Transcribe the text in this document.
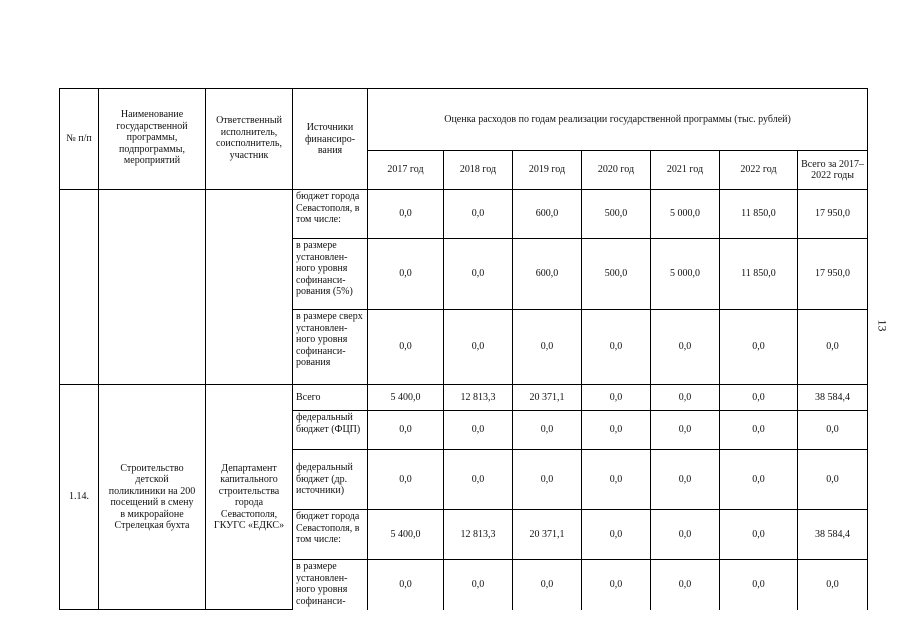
№ п/п	Наименование государственной программы, подпрограммы, мероприятий	Ответственный исполнитель, соисполнитель, участник	Источники финансиро-вания	Оценка расходов по годам реализации государственной программы (тыс. рублей)						
				2017 год	2018 год	2019 год	2020 год	2021 год	2022 год	Всего за 2017–2022 годы
			бюджет города Севастополя, в том числе:	0,0	0,0	600,0	500,0	5 000,0	11 850,0	17 950,0
			в размере установлен-ного уровня софинанси-рования (5%)	0,0	0,0	600,0	500,0	5 000,0	11 850,0	17 950,0
			в размере сверх установлен-ного уровня софинанси-рования	0,0	0,0	0,0	0,0	0,0	0,0	0,0
1.14.	Строительство детской поликлиники на 200 посещений в смену в микрорайоне Стрелецкая бухта	Департамент капитального строительства города Севастополя, ГКУГС «ЕДКС»	Всего	5 400,0	12 813,3	20 371,1	0,0	0,0	0,0	38 584,4
			федеральный бюджет (ФЦП)	0,0	0,0	0,0	0,0	0,0	0,0	0,0
			федеральный бюджет (др. источники)	0,0	0,0	0,0	0,0	0,0	0,0	0,0
			бюджет города Севастополя, в том числе:	5 400,0	12 813,3	20 371,1	0,0	0,0	0,0	38 584,4
			в размере установлен-ного уровня софинанси-	0,0	0,0	0,0	0,0	0,0	0,0	0,0
13
